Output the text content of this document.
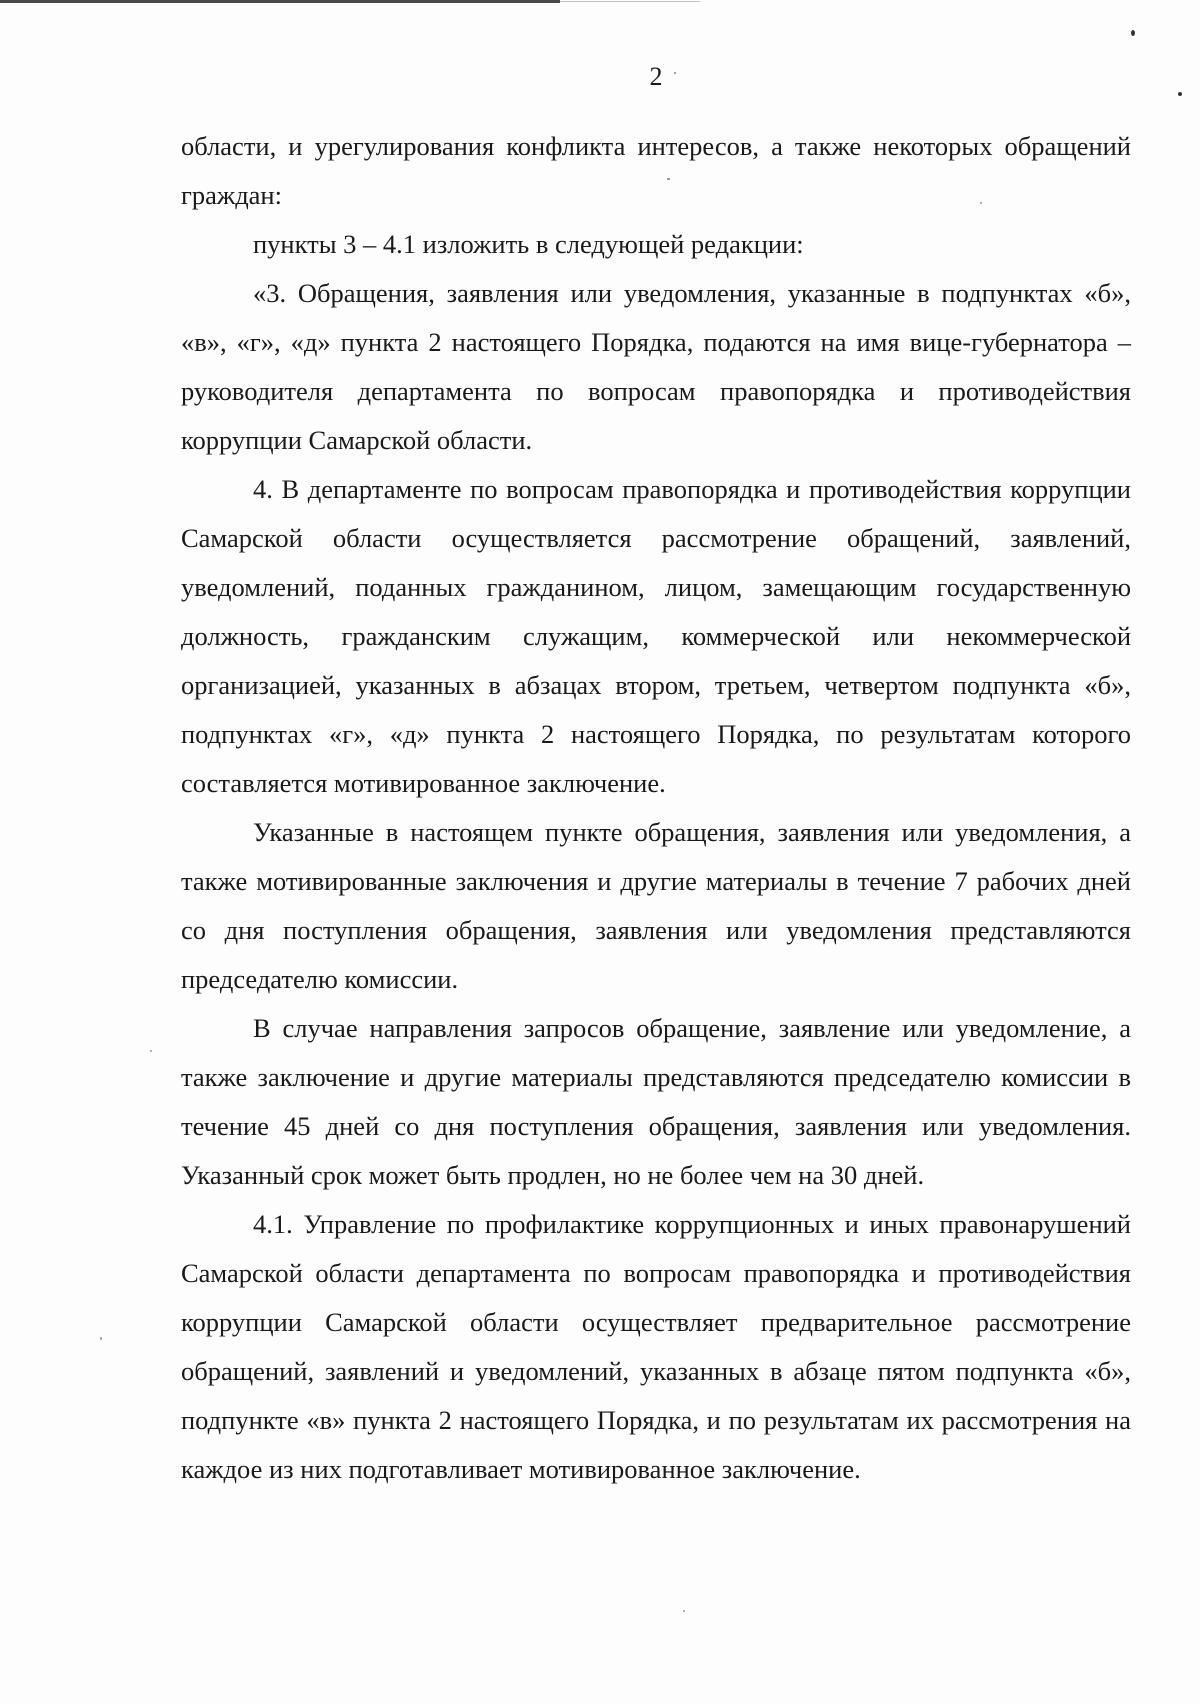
2

области, и урегулирования конфликта интересов, а также некоторых обращений граждан:

пункты 3 – 4.1 изложить в следующей редакции:

«3. Обращения, заявления или уведомления, указанные в подпунктах «б», «в», «г», «д» пункта 2 настоящего Порядка, подаются на имя вице-губернатора – руководителя департамента по вопросам правопорядка и противодействия коррупции Самарской области.

4. В департаменте по вопросам правопорядка и противодействия коррупции Самарской области осуществляется рассмотрение обращений, заявлений, уведомлений, поданных гражданином, лицом, замещающим государственную должность, гражданским служащим, коммерческой или некоммерческой организацией, указанных в абзацах втором, третьем, четвертом подпункта «б», подпунктах «г», «д» пункта 2 настоящего Порядка, по результатам которого составляется мотивированное заключение.

Указанные в настоящем пункте обращения, заявления или уведомления, а также мотивированные заключения и другие материалы в течение 7 рабочих дней со дня поступления обращения, заявления или уведомления представляются председателю комиссии.

В случае направления запросов обращение, заявление или уведомление, а также заключение и другие материалы представляются председателю комиссии в течение 45 дней со дня поступления обращения, заявления или уведомления. Указанный срок может быть продлен, но не более чем на 30 дней.

4.1. Управление по профилактике коррупционных и иных правонарушений Самарской области департамента по вопросам правопорядка и противодействия коррупции Самарской области осуществляет предварительное рассмотрение обращений, заявлений и уведомлений, указанных в абзаце пятом подпункта «б», подпункте «в» пункта 2 настоящего Порядка, и по результатам их рассмотрения на каждое из них подготавливает мотивированное заключение.
